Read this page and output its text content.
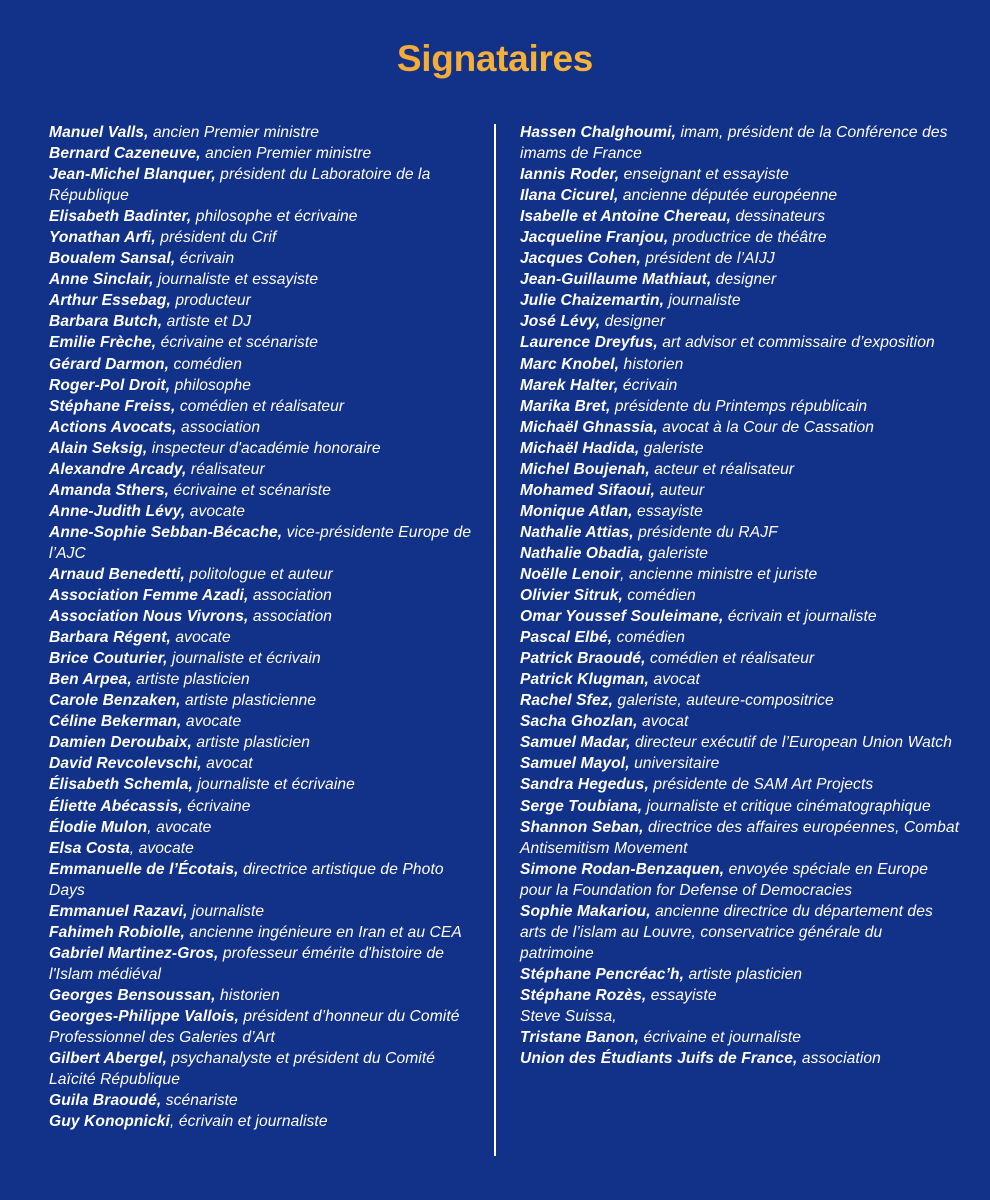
Signataires
Manuel Valls, ancien Premier ministre
Bernard Cazeneuve, ancien Premier ministre
Jean-Michel Blanquer, président du Laboratoire de la République
Elisabeth Badinter, philosophe et écrivaine
Yonathan Arfi, président du Crif
Boualem Sansal, écrivain
Anne Sinclair, journaliste et essayiste
Arthur Essebag, producteur
Barbara Butch, artiste et DJ
Emilie Frèche, écrivaine et scénariste
Gérard Darmon, comédien
Roger-Pol Droit, philosophe
Stéphane Freiss, comédien et réalisateur
Actions Avocats, association
Alain Seksig, inspecteur d'académie honoraire
Alexandre Arcady, réalisateur
Amanda Sthers, écrivaine et scénariste
Anne-Judith Lévy, avocate
Anne-Sophie Sebban-Bécache, vice-présidente Europe de l’AJC
Arnaud Benedetti, politologue et auteur
Association Femme Azadi, association
Association Nous Vivrons, association
Barbara Régent, avocate
Brice Couturier, journaliste et écrivain
Ben Arpea, artiste plasticien
Carole Benzaken, artiste plasticienne
Céline Bekerman, avocate
Damien Deroubaix, artiste plasticien
David Revcolevschi, avocat
Élisabeth Schemla, journaliste et écrivaine
Éliette Abécassis, écrivaine
Élodie Mulon, avocate
Elsa Costa, avocate
Emmanuelle de l’Écotais, directrice artistique de Photo Days
Emmanuel Razavi, journaliste
Fahimeh Robiolle, ancienne ingénieure en Iran et au CEA
Gabriel Martinez-Gros, professeur émérite d'histoire de l'Islam médiéval
Georges Bensoussan, historien
Georges-Philippe Vallois, président d’honneur du Comité Professionnel des Galeries d’Art
Gilbert Abergel, psychanalyste et président du Comité Laïcité République
Guila Braoudé, scénariste
Guy Konopnicki, écrivain et journaliste
Hassen Chalghoumi, imam, président de la Conférence des imams de France
Iannis Roder, enseignant et essayiste
Ilana Cicurel, ancienne députée européenne
Isabelle et Antoine Chereau, dessinateurs
Jacqueline Franjou, productrice de théâtre
Jacques Cohen, président de l’AIJJ
Jean-Guillaume Mathiaut, designer
Julie Chaizemartin, journaliste
José Lévy, designer
Laurence Dreyfus, art advisor et commissaire d’exposition
Marc Knobel, historien
Marek Halter, écrivain
Marika Bret, présidente du Printemps républicain
Michaël Ghnassia, avocat à la Cour de Cassation
Michaël Hadida, galeriste
Michel Boujenah, acteur et réalisateur
Mohamed Sifaoui, auteur
Monique Atlan, essayiste
Nathalie Attias, présidente du RAJF
Nathalie Obadia, galeriste
Noëlle Lenoir, ancienne ministre et juriste
Olivier Sitruk, comédien
Omar Youssef Souleimane, écrivain et journaliste
Pascal Elbé, comédien
Patrick Braoudé, comédien et réalisateur
Patrick Klugman, avocat
Rachel Sfez, galeriste, auteure-compositrice
Sacha Ghozlan, avocat
Samuel Madar, directeur exécutif de l’European Union Watch
Samuel Mayol, universitaire
Sandra Hegedus, présidente de SAM Art Projects
Serge Toubiana, journaliste et critique cinématographique
Shannon Seban, directrice des affaires européennes, Combat Antisemitism Movement
Simone Rodan-Benzaquen, envoyée spéciale en Europe pour la Foundation for Defense of Democracies
Sophie Makariou, ancienne directrice du département des arts de l’islam au Louvre, conservatrice générale du patrimoine
Stéphane Pencréac’h, artiste plasticien
Stéphane Rozès, essayiste
Steve Suissa,
Tristane Banon, écrivaine et journaliste
Union des Étudiants Juifs de France, association
